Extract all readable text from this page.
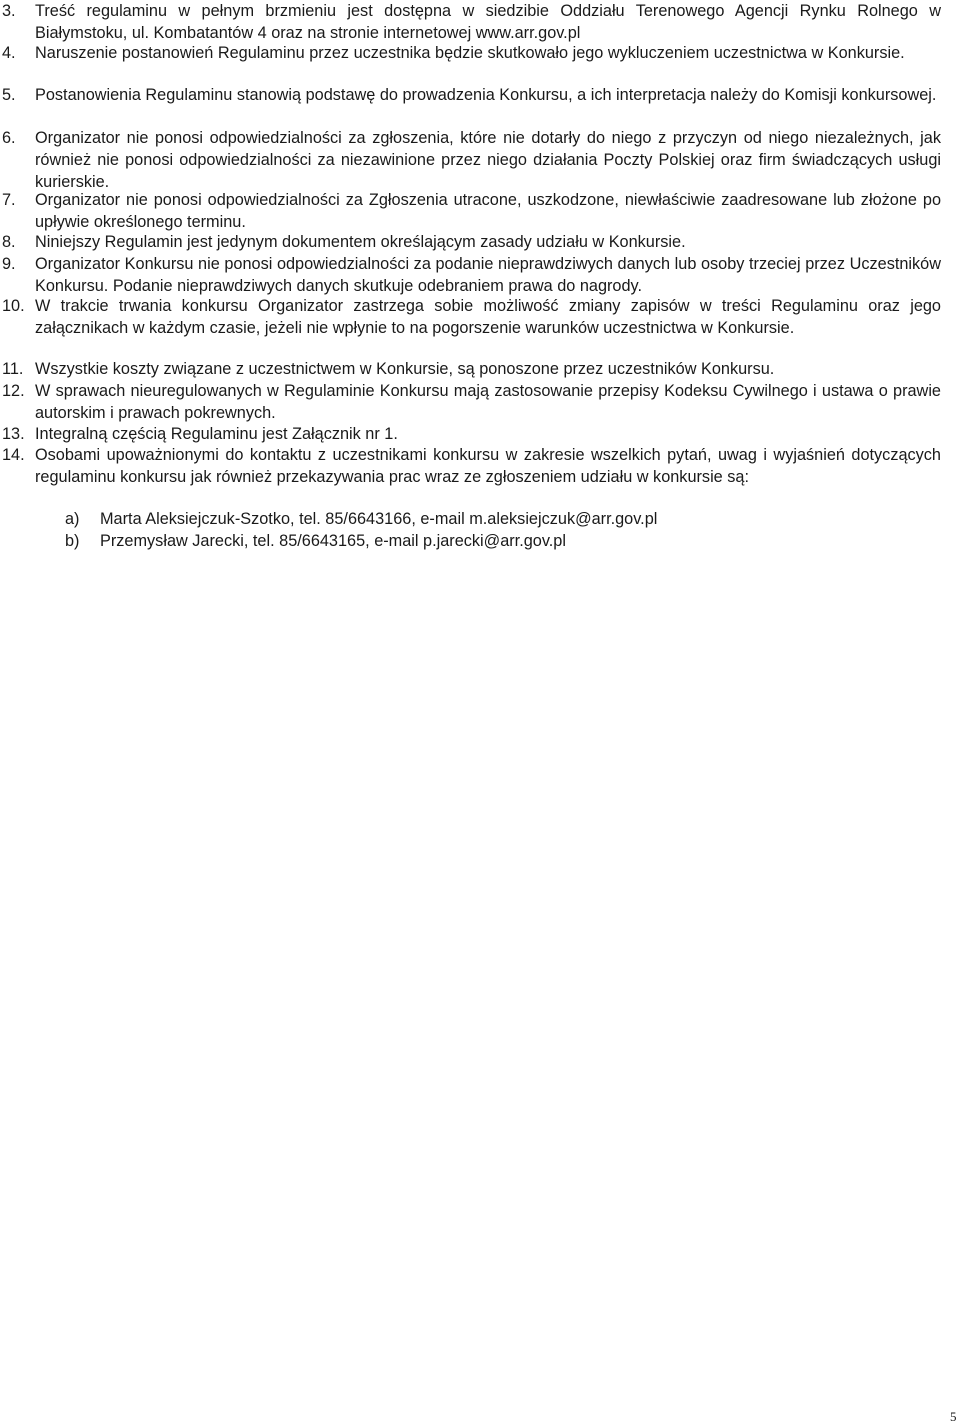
3. Treść regulaminu w pełnym brzmieniu jest dostępna w siedzibie Oddziału Terenowego Agencji Rynku Rolnego w Białymstoku, ul. Kombatantów 4 oraz na stronie internetowej www.arr.gov.pl

4. Naruszenie postanowień Regulaminu przez uczestnika będzie skutkowało jego wykluczeniem uczestnictwa w Konkursie.

5. Postanowienia Regulaminu stanowią podstawę do prowadzenia Konkursu, a ich interpretacja należy do Komisji konkursowej.

6. Organizator nie ponosi odpowiedzialności za zgłoszenia, które nie dotarły do niego z przyczyn od niego niezależnych, jak również nie ponosi odpowiedzialności za niezawinione przez niego działania Poczty Polskiej oraz firm świadczących usługi kurierskie.

7. Organizator nie ponosi odpowiedzialności za Zgłoszenia utracone, uszkodzone, niewłaściwie zaadresowane lub złożone po upływie określonego terminu.

8. Niniejszy Regulamin jest jedynym dokumentem określającym zasady udziału w Konkursie.

9. Organizator Konkursu nie ponosi odpowiedzialności za podanie nieprawdziwych danych lub osoby trzeciej przez Uczestników Konkursu. Podanie nieprawdziwych danych skutkuje odebraniem prawa do nagrody.

10. W trakcie trwania konkursu Organizator zastrzega sobie możliwość zmiany zapisów w treści Regulaminu oraz jego załącznikach w każdym czasie, jeżeli nie wpłynie to na pogorszenie warunków uczestnictwa w Konkursie.

11. Wszystkie koszty związane z uczestnictwem w Konkursie, są ponoszone przez uczestników Konkursu.

12. W sprawach nieuregulowanych w Regulaminie Konkursu mają zastosowanie przepisy Kodeksu Cywilnego i ustawa o prawie autorskim i prawach pokrewnych.

13. Integralną częścią Regulaminu jest Załącznik nr 1.

14. Osobami upoważnionymi do kontaktu z uczestnikami konkursu w zakresie wszelkich pytań, uwag i wyjaśnień dotyczących regulaminu konkursu jak również przekazywania prac wraz ze zgłoszeniem udziału w konkursie są:

a) Marta Aleksiejczuk-Szotko, tel. 85/6643166, e-mail m.aleksiejczuk@arr.gov.pl
b) Przemysław Jarecki, tel. 85/6643165, e-mail p.jarecki@arr.gov.pl
5
